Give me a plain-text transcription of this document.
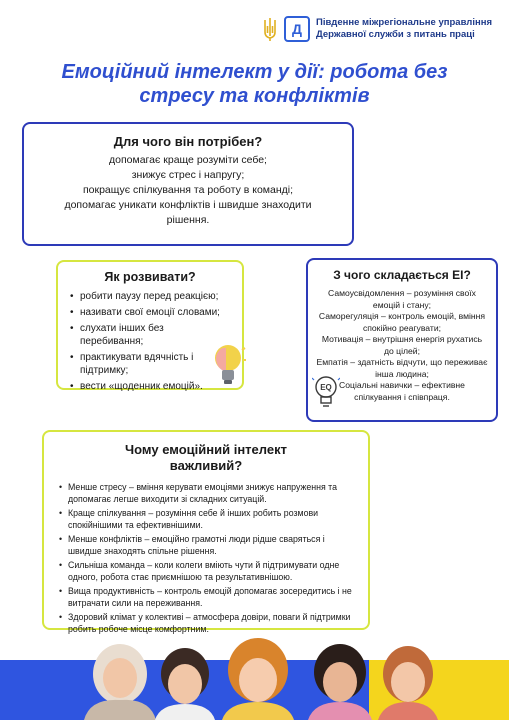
Д	Південне міжрегіональне управління
Державної служби з питань праці
Емоційний інтелект у дії: робота без
стресу та конфліктів
Для чого він потрібен?

допомагає краще розуміти себе;

знижує стрес і напругу;

покращує спілкування та роботу в команді;

допомагає уникати конфліктів і швидше знаходити

рішення.

Як розвивати?
• робити паузу перед реакцією;
• називати свої емоції словами;
• слухати інших без перебивання;
• практикувати вдячність і підтримку;
• вести «щоденник емоцій».
З чого складається ЕІ?

Самоусвідомлення – розуміння своїх

емоцій і стану;

Саморегуляція – контроль емоцій, вміння

спокійно реагувати;

Мотивація – внутрішня енергія рухатись

до цілей;

Емпатія – здатність відчути, що переживає

інша людина;

Соціальні навички – ефективне

спілкування і співпраця.

EQ
Чому емоційний інтелект
важливий?
• Менше стресу – вміння керувати емоціями знижує напруження та допомагає легше виходити зі складних ситуацій.
• Краще спілкування – розуміння себе й інших робить розмови спокійнішими та ефективнішими.
• Менше конфліктів – емоційно грамотні люди рідше сваряться і швидше знаходять спільне рішення.
• Сильніша команда – коли колеги вміють чути й підтримувати одне одного, робота стає приємнішою та результативнішою.
• Вища продуктивність – контроль емоцій допомагає зосередитись і не витрачати сили на переживання.
• Здоровий клімат у колективі – атмосфера довіри, поваги й підтримки робить робоче місце комфортним.
